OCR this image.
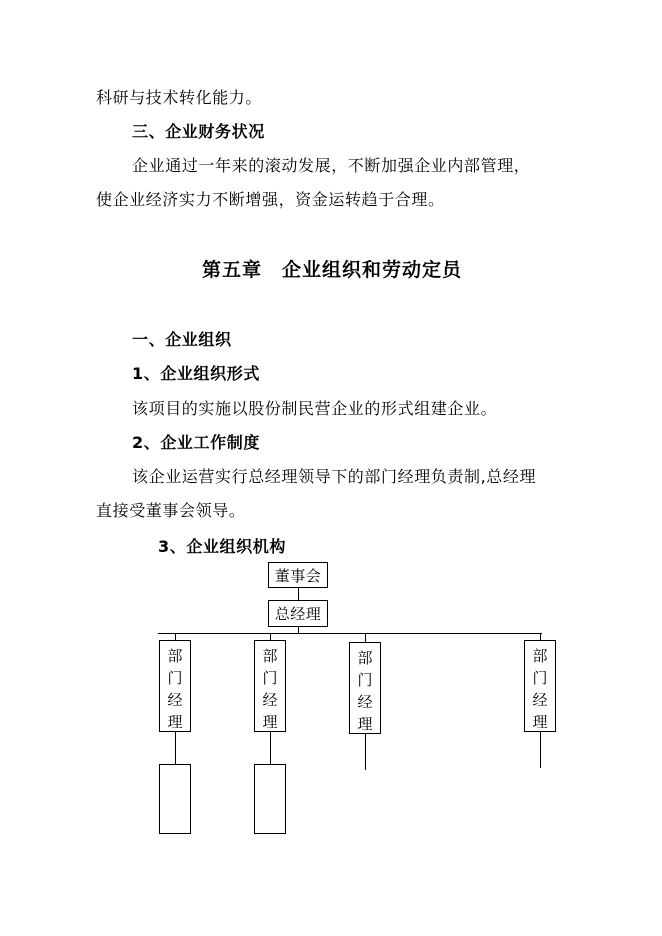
科研与技术转化能力。
三、企业财务状况
企业通过一年来的滚动发展，不断加强企业内部管理，
使企业经济实力不断增强，资金运转趋于合理。
第五章　企业组织和劳动定员
一、企业组织
1、企业组织形式
该项目的实施以股份制民营企业的形式组建企业。
2、企业工作制度
该企业运营实行总经理领导下的部门经理负责制,总经理
直接受董事会领导。
3、企业组织机构
董事会
总经理
部
门
经
理
部
门
经
理
部
门
经
理
部
门
经
理
